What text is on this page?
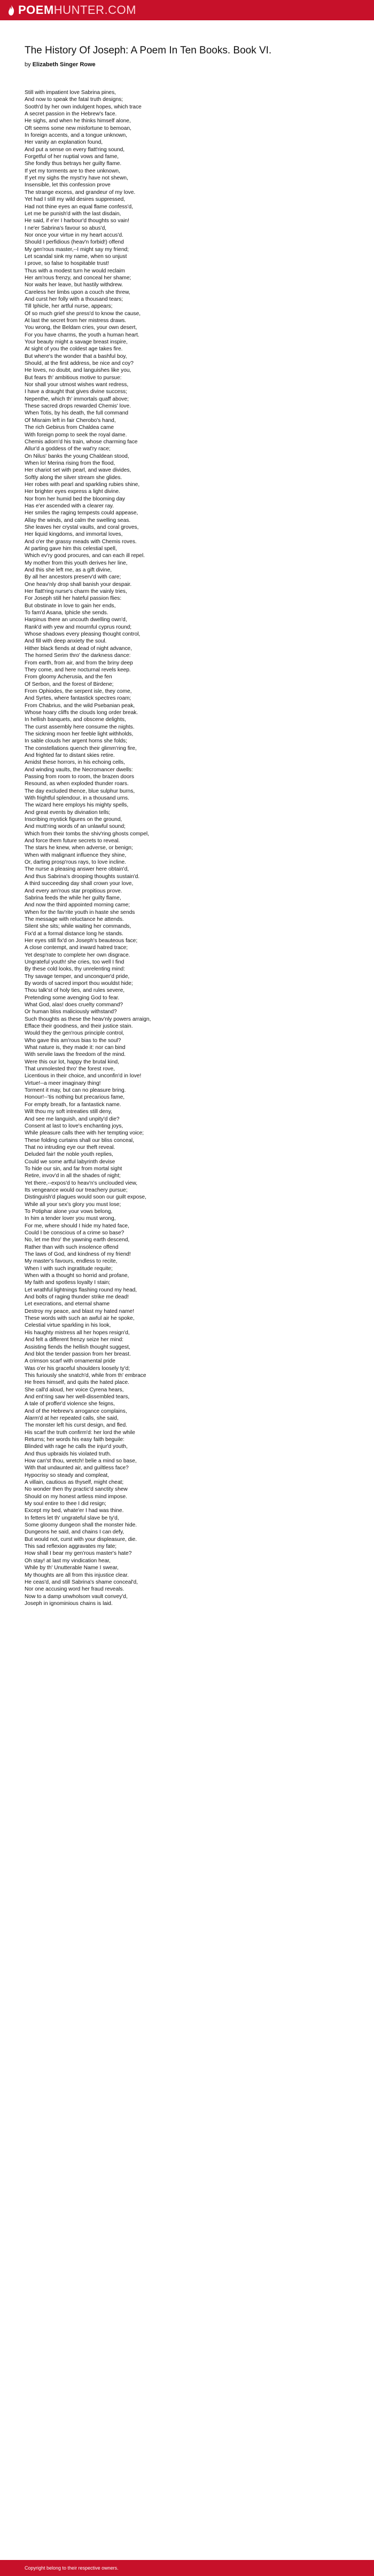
POEM HUNTER.COM
The History Of Joseph: A Poem In Ten Books. Book VI.
by Elizabeth Singer Rowe
Still with impatient love Sabrina pines,
And now to speak the fatal truth designs;
Sooth'd by her own indulgent hopes, which trace
A secret passion in the Hebrew's face.
He sighs, and when he thinks himself alone,
Oft seems some new misfortune to bemoan,
In foreign accents, and a tongue unknown,
Her vanity an explanation found,
And put a sense on every flatt'ring sound,
Forgetful of her nuptial vows and fame,
She fondly thus betrays her guilty flame.
If yet my torments are to thee unknown,
If yet my sighs the myst'ry have not shewn,
Insensible, let this confession prove
The strange excess, and grandeur of my love.
Yet had I still my wild desires suppressed,
Had not thine eyes an equal flame confess'd,
Let me be punish'd with the last disdain,
He said, if e'er I harbour'd thoughts so vain!
I ne'er Sabrina's favour so abus'd,
Nor once your virtue in my heart accus'd.
Should I perfidious (heav'n forbid!) offend
My gen'rous master,--I might say my friend;
Let scandal sink my name, when so unjust
I prove, so false to hospitable trust!
Thus with a modest turn he would reclaim
Her am'rous frenzy, and conceal her shame;
Nor waits her leave, but hastily withdrew.
Careless her limbs upon a couch she threw,
And curst her folly with a thousand tears;
Till Iphicle, her artful nurse, appears;
Of so much grief she press'd to know the cause,
At last the secret from her mistress draws.
You wrong, the Beldam cries, your own desert,
For you have charms, the youth a human heart.
Your beauty might a savage breast inspire,
At sight of you the coldest age takes fire.
But where's the wonder that a bashful boy,
Should, at the first address, be nice and coy?
He loves, no doubt, and languishes like you,
But fears th' ambitious motive to pursue:
Nor shall your utmost wishes want redress,
I have a draught that gives divine success;
Nepenthe, which th' immortals quaff above;
These sacred drops rewarded Chemis' love.
When Totis, by his death, the full command
Of Misraim left in fair Cherobo's hand,
The rich Gebirus from Chaldea came
With foreign pomp to seek the royal dame.
Chemis adorn'd his train, whose charming face
Allur'd a goddess of the wat'ry race;
On Nilus' banks the young Chaldean stood,
When lo! Merina rising from the flood,
Her chariot set with pearl, and wave divides,
Softly along the silver stream she glides.
Her robes with pearl and sparkling rubies shine,
Her brighter eyes express a light divine.
Nor from her humid bed the blooming day
Has e'er ascended with a clearer ray.
Her smiles the raging tempests could appease,
Allay the winds, and calm the swelling seas.
She leaves her crystal vaults, and coral groves,
Her liquid kingdoms, and immortal loves,
And o'er the grassy meads with Chemis roves.
At parting gave him this celestial spell,
Which ev'ry good procures, and can each ill repel.
My mother from this youth derives her line,
And this she left me, as a gift divine,
By all her ancestors preserv'd with care;
One heav'nly drop shall banish your despair.
Her flatt'ring nurse's charm the vainly tries,
For Joseph still her hateful passion flies:
But obstinate in love to gain her ends,
To fam'd Asana, Iphicle she sends.
Harpinus there an uncouth dwelling own'd,
Rank'd with yew and mournful cyprus round;
Whose shadows every pleasing thought control,
And fill with deep anxiety the soul.
Hither black fiends at dead of night advance,
The horned Serim thro' the darkness dance:
From earth, from air, and from the briny deep
They come, and here nocturnal revels keep.
From gloomy Acherusia, and the fen
Of Serbon, and the forest of Birdene;
From Ophiodes, the serpent isle, they come,
And Syrtes, where fantastick spectres roam;
From Chabrius, and the wild Psebanian peak,
Whose hoary cliffs the clouds long order break.
In hellish banquets, and obscene delights,
The curst assembly here consume the nights.
The sickning moon her feeble light withholds,
In sable clouds her argent horns she folds;
The constellations quench their glimm'ring fire,
And frighted far to distant skies retire.
Amidst these horrors, in his echoing cells,
And winding vaults, the Necromancer dwells:
Passing from room to room, the brazen doors
Resound, as when exploded thunder roars.
The day excluded thence, blue sulphur burns,
With frightful splendour, in a thousand urns.
The wizard here employs his mighty spells,
And great events by divination tells;
Inscribing mystick figures on the ground,
And mutt'ring words of an unlawful sound;
Which from their tombs the shiv'ring ghosts compel,
And force them future secrets to reveal.
The stars he knew, when adverse, or benign;
When with malignant influence they shine,
Or, darting prosp'rous rays, to love incline.
The nurse a pleasing answer here obtain'd,
And thus Sabrina's drooping thoughts sustain'd.
A third succeeding day shall crown your love,
And every am'rous star propitious prove.
Sabrina feeds the while her guilty flame,
And now the third appointed morning came;
When for the fav'rite youth in haste she sends
The message with reluctance he attends.
Silent she sits; while waiting her commands,
Fix'd at a formal distance long he stands.
Her eyes still fix'd on Joseph's beauteous face;
A close contempt, and inward hatred trace;
Yet desp'rate to complete her own disgrace.
Ungrateful youth! she cries, too well I find
By these cold looks, thy unrelenting mind:
Thy savage temper, and unconquer'd pride,
By words of sacred import thou wouldst hide;
Thou talk'st of holy ties, and rules severe,
Pretending some avenging God to fear.
What God, alas! does cruelty command?
Or human bliss maliciously withstand?
Such thoughts as these the heav'nly powers arraign,
Efface their goodness, and their justice stain.
Would they the gen'rous principle control,
Who gave this am'rous bias to the soul?
What nature is, they made it: nor can bind
With servile laws the freedom of the mind.
Were this our lot, happy the brutal kind,
That unmolested thro' the forest rove,
Licentious in their choice, and unconfin'd in love!
Virtue!--a meer imaginary thing!
Torment it may, but can no pleasure bring.
Honour!--'tis nothing but precarious fame,
For empty breath, for a fantastick name.
Wilt thou my soft intreaties still deny,
And see me languish, and unpity'd die?
Consent at last to love's enchanting joys,
While pleasure calls thee with her tempting voice;
These folding curtains shall our bliss conceal,
That no intruding eye our theft reveal.
Deluded fair! the noble youth replies,
Could we some artful labyrinth devise
To hide our sin, and far from mortal sight
Retire, invov'd in all the shades of night;
Yet there,--expos'd to heav'n's unclouded view,
Its vengeance would our treachery pursue;
Distinguish'd plagues would soon our guilt expose,
While all your sex's glory you must lose;
To Potiphar alone your vows belong,
In him a tender lover you must wrong,
For me, where should I hide my hated face,
Could I be conscious of a crime so base?
No, let me thro' the yawning earth descend,
Rather than with such insolence offend
The laws of God, and kindness of my friend!
My master's favours, endless to recite,
When I with such ingratitude requite;
When with a thought so horrid and profane,
My faith and spotless loyalty I stain;
Let wrathful lightnings flashing round my head,
And bolts of raging thunder strike me dead!
Let execrations, and eternal shame
Destroy my peace, and blast my hated name!
These words with such an awful air he spoke,
Celestial virtue sparkling in his look,
His haughty mistress all her hopes resign'd,
And felt a different frenzy seize her mind:
Assisting fiends the hellish thought suggest,
And blot the tender passion from her breast.
A crimson scarf with ornamental pride
Was o'er his graceful shoulders loosely ty'd;
This furiously she snatch'd, while from th' embrace
He frees himself, and quits the hated place.
She call'd aloud, her voice Cyrena hears,
And ent'ring saw her well-dissembled tears,
A tale of proffer'd violence she feigns,
And of the Hebrew's arrogance complains,
Alarm'd at her repeated calls, she said,
The monster left his curst design, and fled.
His scarf the truth confirm'd: her lord the while
Returns; her words his easy faith beguile:
Blinded with rage he calls the injur'd youth,
And thus upbraids his violated truth.
How can'st thou, wretch! belie a mind so base,
With that undaunted air, and guiltless face?
Hypocrisy so steady and compleat,
A villain, cautious as thyself, might cheat;
No wonder then thy practic'd sanctity shew
Should on my honest artless mind impose.
My soul entire to thee I did resign;
Except my bed, whate'er I had was thine.
In fetters let th' ungrateful slave be ty'd,
Some gloomy dungeon shall the monster hide.
Dungeons he said, and chains I can defy,
But would not, curst with your displeasure, die.
This sad reflexion aggravates my fate;
How shall I bear my gen'rous master's hate?
Oh stay! at last my vindication hear,
While by th' Unutterable Name I swear,
My thoughts are all from this injustice clear.
He ceas'd, and still Sabrina's shame conceal'd,
Nor one accusing word her fraud reveals.
Now to a damp unwholsom vault convey'd,
Joseph in ignominious chains is laid.
Copyright belong to their respective owners.
